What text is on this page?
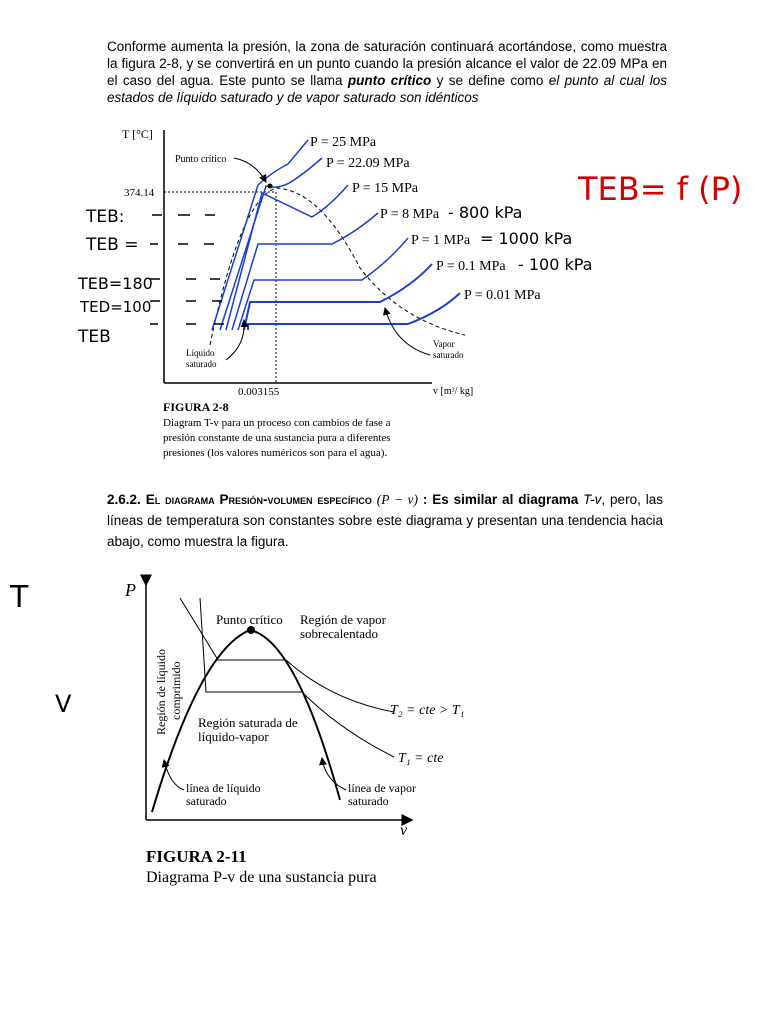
Conforme aumenta la presión, la zona de saturación continuará acortándose, como muestra la figura 2-8, y se convertirá en un punto cuando la presión alcance el valor de 22.09 MPa en el caso del agua. Este punto se llama punto crítico y se define como el punto al cual los estados de líquido saturado y de vapor saturado son idénticos
2.6.2. El diagrama Presión-volumen específico (P − v) : Es similar al diagrama T-v, pero, las líneas de temperatura son constantes sobre este diagrama y presentan una tendencia hacia abajo, como muestra la figura.
T [°C]
v [m³/ kg]
374.14
0.003155
P = 25 MPa
P = 22.09 MPa
P = 15 MPa
P = 8 MPa
P = 1 MPa
P = 0.1 MPa
P = 0.01 MPa
Punto crítico
Líquido
saturado
Vapor
saturado
FIGURA 2-8
Diagram T-v para un proceso con cambios de fase a
presión constante de una sustancia pura a diferentes
presiones (los valores numéricos son para el agua).
TEB= f (P)
- 800 kPa
= 1000 kPa
- 100 kPa
TEB:
TEB =
TEB=180
TED=100
TEB
T
V
P
v
Punto crítico Región de vapor
sobrecalentado
Región de líquido comprimido
Región saturada de
líquido-vapor
T₂ = cte > T₁
T₁ = cte
línea de líquido
saturado
línea de vapor
saturado
FIGURA 2-11
Diagrama P-v de una sustancia pura
